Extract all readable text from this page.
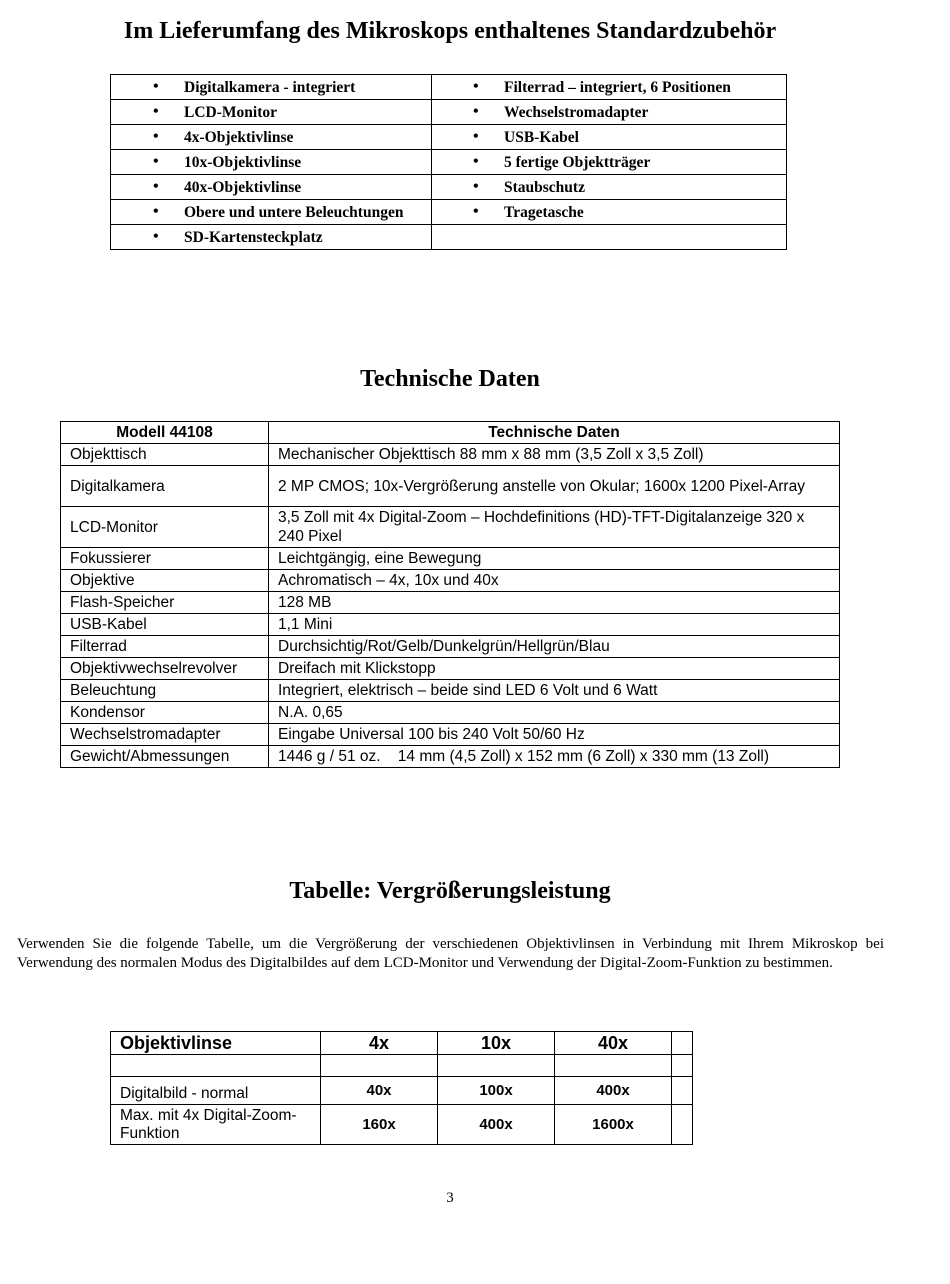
Im Lieferumfang des Mikroskops enthaltenes Standardzubehör
• Digitalkamera - integriert	• Filterrad – integriert, 6 Positionen

• LCD-Monitor	• Wechselstromadapter

• 4x-Objektivlinse	• USB-Kabel

• 10x-Objektivlinse	• 5 fertige Objektträger

• 40x-Objektivlinse	• Staubschutz

• Obere und untere Beleuchtungen	• Tragetasche

• SD-Kartensteckplatz	

Technische Daten
Modell 44108	Technische Daten
Objekttisch	Mechanischer Objekttisch 88 mm x 88 mm (3,5 Zoll x 3,5 Zoll)
Digitalkamera	2 MP CMOS; 10x-Vergrößerung anstelle von Okular; 1600x 1200 Pixel-Array
LCD-Monitor	3,5 Zoll mit 4x Digital-Zoom – Hochdefinitions (HD)-TFT-Digitalanzeige 320 x 240 Pixel
Fokussierer	Leichtgängig, eine Bewegung
Objektive	Achromatisch – 4x, 10x und 40x
Flash-Speicher	128 MB
USB-Kabel	1,1 Mini
Filterrad	Durchsichtig/Rot/Gelb/Dunkelgrün/Hellgrün/Blau
Objektivwechselrevolver	Dreifach mit Klickstopp
Beleuchtung	Integriert, elektrisch – beide sind LED 6 Volt und 6 Watt
Kondensor	N.A. 0,65
Wechselstromadapter	Eingabe Universal 100 bis 240 Volt 50/60 Hz
Gewicht/Abmessungen	1446 g / 51 oz.    14 mm (4,5 Zoll) x 152 mm (6 Zoll) x 330 mm (13 Zoll)
Tabelle: Vergrößerungsleistung

Verwenden Sie die folgende Tabelle, um die Vergrößerung der verschiedenen Objektivlinsen in Verbindung mit Ihrem Mikroskop bei Verwendung des normalen Modus des Digitalbildes auf dem LCD-Monitor und Verwendung der Digital-Zoom-Funktion zu bestimmen.

Objektivlinse	4x	10x	40x	

Digitalbild - normal	40x	100x	400x	
Max. mit 4x Digital-Zoom-Funktion	160x	400x	1600x	
3
